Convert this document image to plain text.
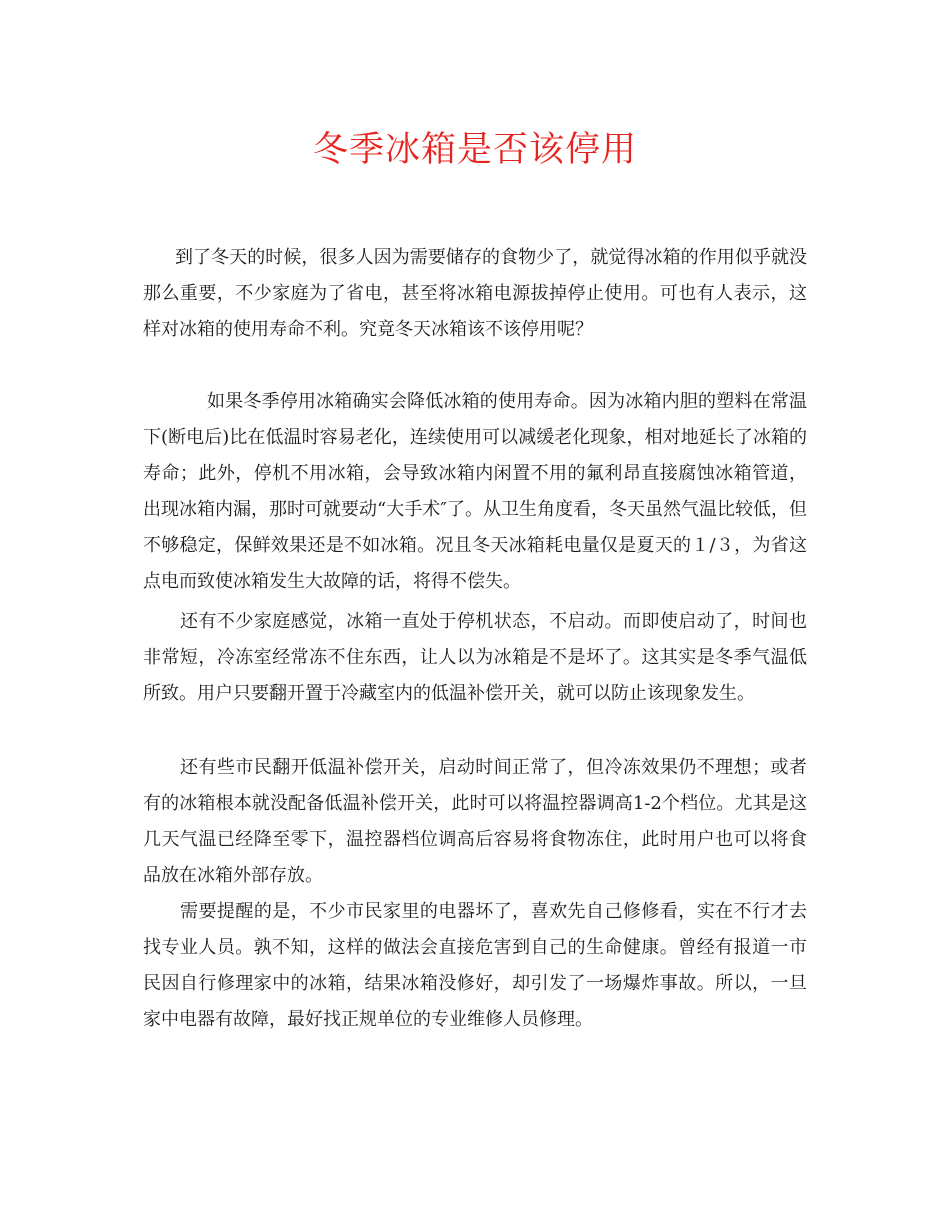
冬季冰箱是否该停用

到了冬天的时候，很多人因为需要储存的食物少了，就觉得冰箱的作用似乎就没那么重要，不少家庭为了省电，甚至将冰箱电源拔掉停止使用。可也有人表示，这样对冰箱的使用寿命不利。究竟冬天冰箱该不该停用呢？

如果冬季停用冰箱确实会降低冰箱的使用寿命。因为冰箱内胆的塑料在常温下(断电后)比在低温时容易老化，连续使用可以减缓老化现象，相对地延长了冰箱的寿命；此外，停机不用冰箱，会导致冰箱内闲置不用的氟利昂直接腐蚀冰箱管道，出现冰箱内漏，那时可就要动“大手术″了。从卫生角度看，冬天虽然气温比较低，但不够稳定，保鲜效果还是不如冰箱。况且冬天冰箱耗电量仅是夏天的１/３，为省这点电而致使冰箱发生大故障的话，将得不偿失。

还有不少家庭感觉，冰箱一直处于停机状态，不启动。而即使启动了，时间也非常短，冷冻室经常冻不住东西，让人以为冰箱是不是坏了。这其实是冬季气温低所致。用户只要翻开置于冷藏室内的低温补偿开关，就可以防止该现象发生。

还有些市民翻开低温补偿开关，启动时间正常了，但冷冻效果仍不理想；或者有的冰箱根本就没配备低温补偿开关，此时可以将温控器调高1-2个档位。尤其是这几天气温已经降至零下，温控器档位调高后容易将食物冻住，此时用户也可以将食品放在冰箱外部存放。

需要提醒的是，不少市民家里的电器坏了，喜欢先自己修修看，实在不行才去找专业人员。孰不知，这样的做法会直接危害到自己的生命健康。曾经有报道一市民因自行修理家中的冰箱，结果冰箱没修好，却引发了一场爆炸事故。所以，一旦家中电器有故障，最好找正规单位的专业维修人员修理。
